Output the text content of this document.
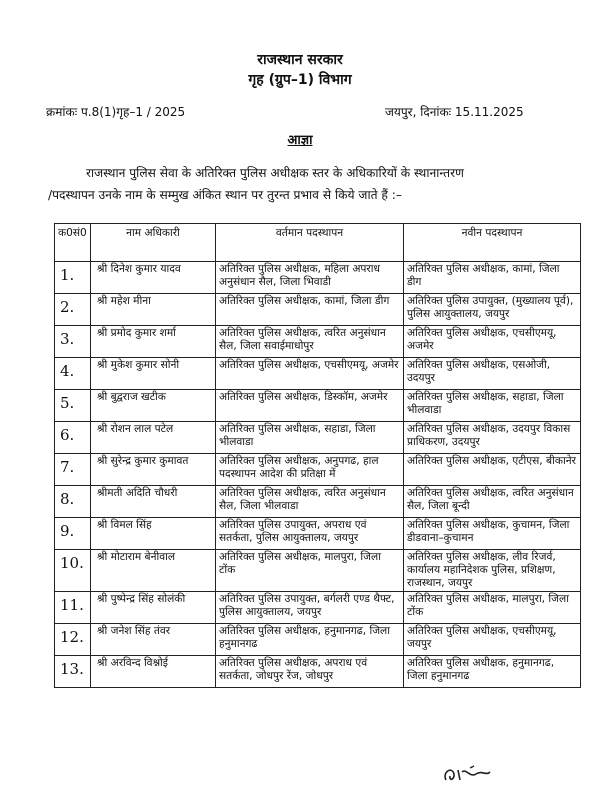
राजस्थान सरकार
गृह (ग्रुप–1) विभाग
क्रमांकः प.8(1)गृह–1 / 2025	जयपुर, दिनांकः 15.11.2025
आज्ञा
राजस्थान पुलिस सेवा के अतिरिक्त पुलिस अधीक्षक स्तर के अधिकारियों के स्थानान्तरण
/पदस्थापन उनके नाम के सम्मुख अंकित स्थान पर तुरन्त प्रभाव से किये जाते हैं :–
क0सं0	नाम अधिकारी	वर्तमान पदस्थापन	नवीन पदस्थापन
1.	श्री दिनेश कुमार यादव	अतिरिक्त पुलिस अधीक्षक, महिला अपराध अनुसंधान सैल, जिला भिवाडी	अतिरिक्त पुलिस अधीक्षक, कामां, जिला डीग
2.	श्री महेश मीना	अतिरिक्त पुलिस अधीक्षक, कामां, जिला डीग	अतिरिक्त पुलिस उपायुक्त, (मुख्यालय पूर्व), पुलिस आयुक्तालय, जयपुर
3.	श्री प्रमोद कुमार शर्मा	अतिरिक्त पुलिस अधीक्षक, त्वरित अनुसंधान सैल, जिला सवाईमाधोपुर	अतिरिक्त पुलिस अधीक्षक, एचसीएमयू, अजमेर
4.	श्री मुकेश कुमार सोनी	अतिरिक्त पुलिस अधीक्षक, एचसीएमयू, अजमेर	अतिरिक्त पुलिस अधीक्षक, एसओजी, उदयपुर
5.	श्री बुद्वराज खटीक	अतिरिक्त पुलिस अधीक्षक, डिस्कॉम, अजमेर	अतिरिक्त पुलिस अधीक्षक, सहाडा, जिला भीलवाडा
6.	श्री रोशन लाल पटेल	अतिरिक्त पुलिस अधीक्षक, सहाडा, जिला भीलवाडा	अतिरिक्त पुलिस अधीक्षक, उदयपुर विकास प्राधिकरण, उदयपुर
7.	श्री सुरेन्द्र कुमार कुमावत	अतिरिक्त पुलिस अधीक्षक, अनुपगढ, हाल पदस्थापन आदेश की प्रतिक्षा में	अतिरिक्त पुलिस अधीक्षक, एटीएस, बीकानेर
8.	श्रीमती अदिति चौधरी	अतिरिक्त पुलिस अधीक्षक, त्वरित अनुसंधान सैल, जिला भीलवाडा	अतिरिक्त पुलिस अधीक्षक, त्वरित अनुसंधान सैल, जिला बून्दी
9.	श्री विमल सिंह	अतिरिक्त पुलिस उपायुक्त, अपराध एवं सतर्कता, पुलिस आयुक्तालय, जयपुर	अतिरिक्त पुलिस अधीक्षक, कुचामन, जिला डीडवाना–कुचामन
10.	श्री मोटाराम बेनीवाल	अतिरिक्त पुलिस अधीक्षक, मालपुरा, जिला टोंक	अतिरिक्त पुलिस अधीक्षक, लीव रिजर्व, कार्यालय महानिदेशक पुलिस, प्रशिक्षण, राजस्थान, जयपुर
11.	श्री पुष्पेन्द्र सिंह सोलंकी	अतिरिक्त पुलिस उपायुक्त, बर्गलरी एण्ड थैफ्ट, पुलिस आयुक्तालय, जयपुर	अतिरिक्त पुलिस अधीक्षक, मालपुरा, जिला टोंक
12.	श्री जनेश सिंह तंवर	अतिरिक्त पुलिस अधीक्षक, हनुमानगढ, जिला हनुमानगढ	अतिरिक्त पुलिस अधीक्षक, एचसीएमयू, जयपुर
13.	श्री अरविन्द विश्नोई	अतिरिक्त पुलिस अधीक्षक, अपराध एवं सतर्कता, जोधपुर रेंज, जोधपुर	अतिरिक्त पुलिस अधीक्षक, हनुमानगढ, जिला हनुमानगढ
